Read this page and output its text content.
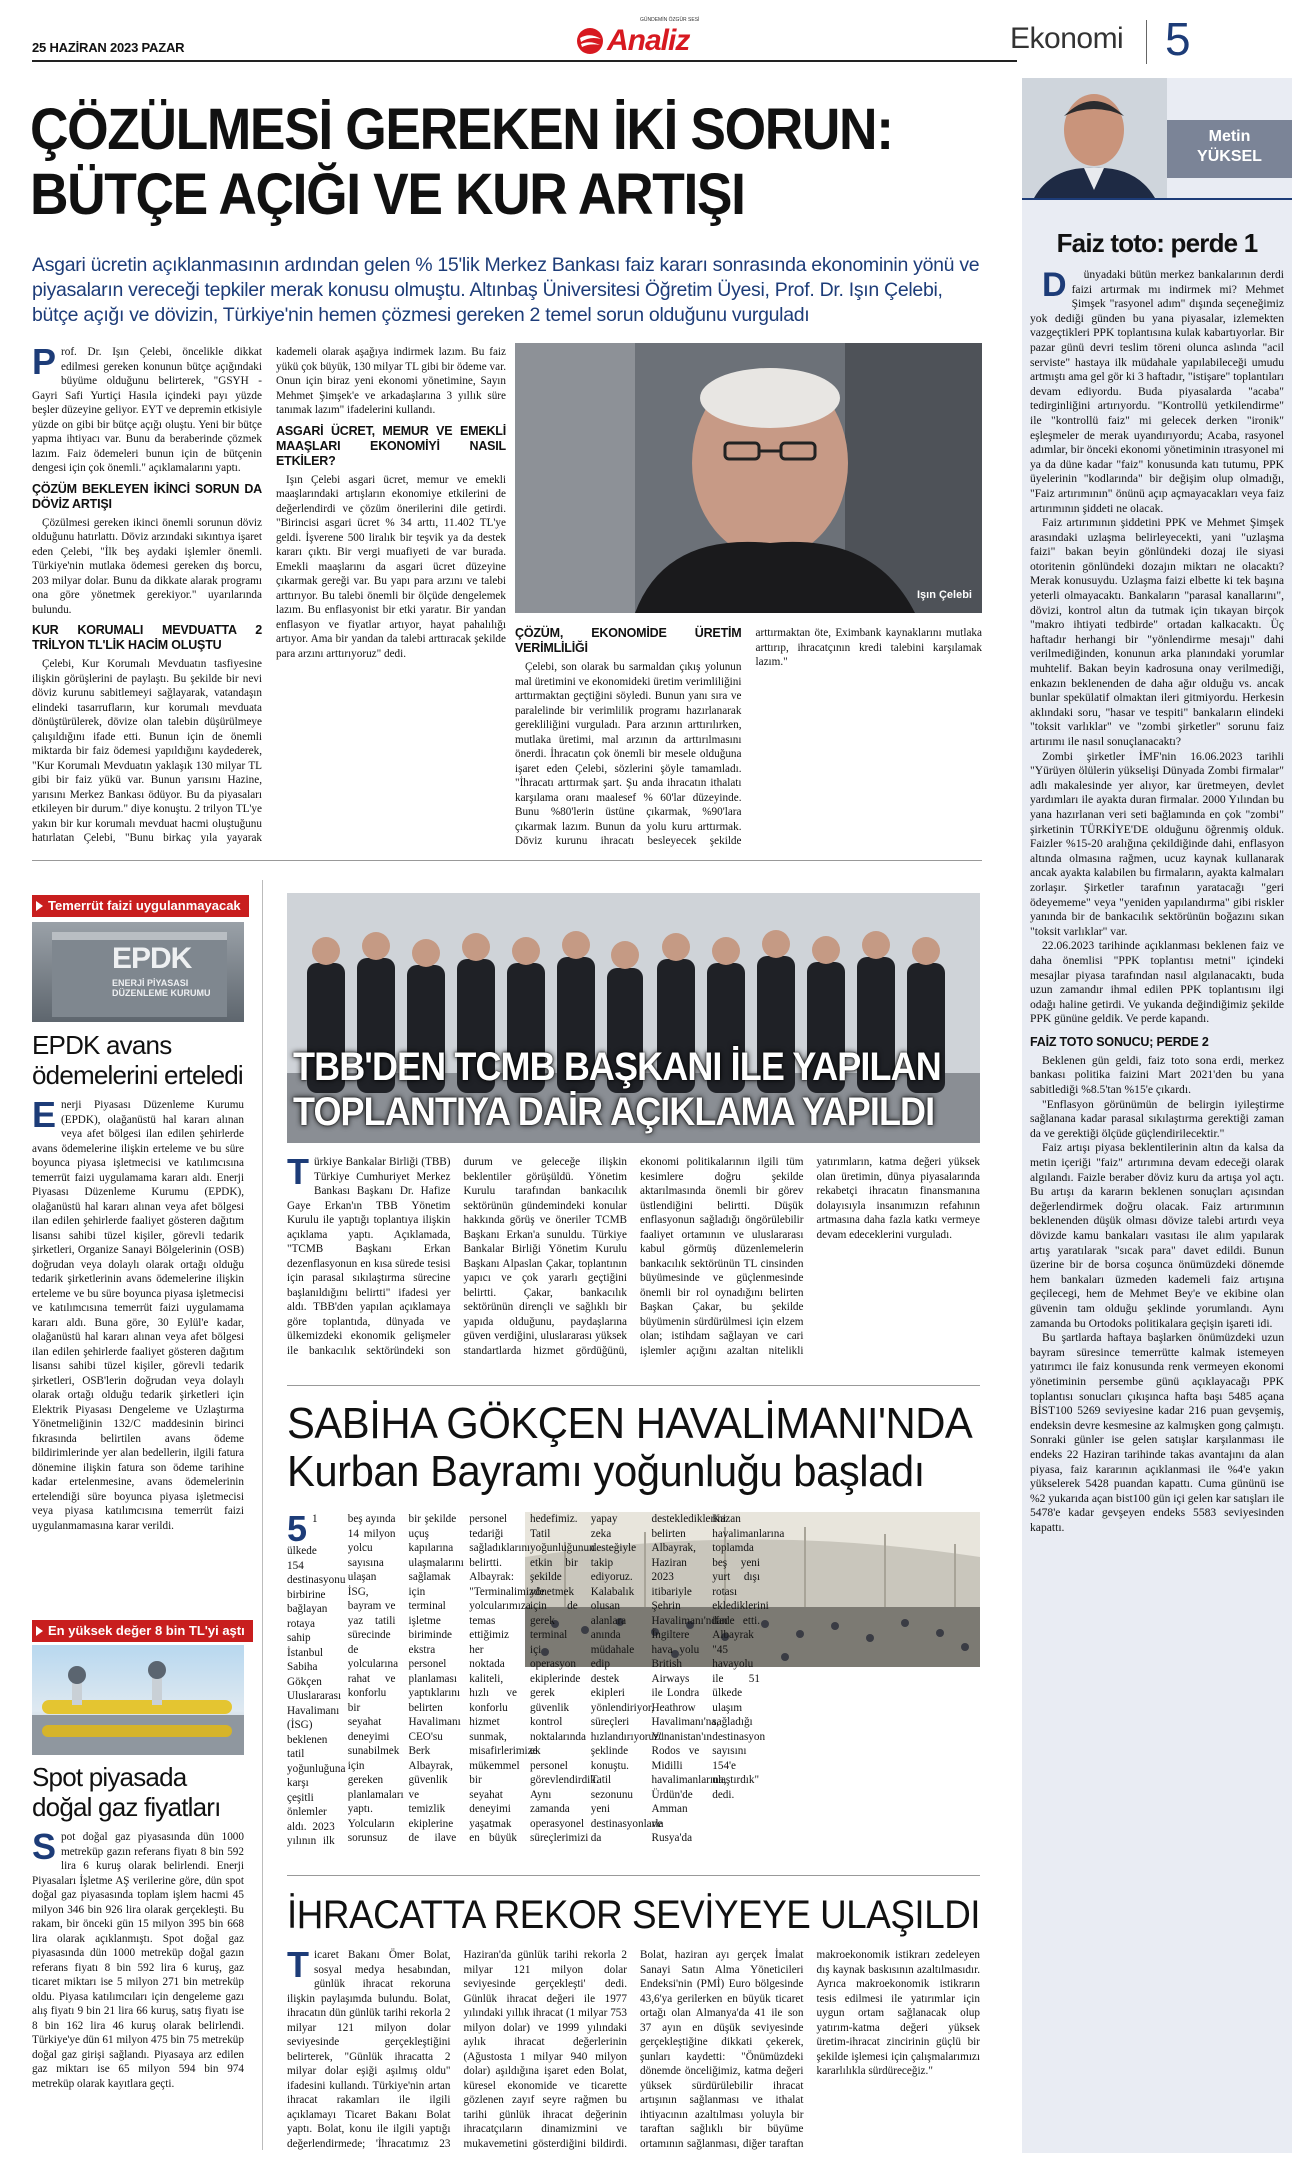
25 HAZİRAN 2023 PAZAR	Analiz
GÜNDEMİN ÖZGÜR SESİ
Ekonomi 5
ÇÖZÜLMESİ GEREKEN İKİ SORUN:
BÜTÇE AÇIĞI VE KUR ARTIŞI
Asgari ücretin açıklanmasının ardından gelen % 15'lik Merkez Bankası faiz kararı sonrasında ekonominin yönü ve piyasaların vereceği tepkiler merak konusu olmuştu. Altınbaş Üniversitesi Öğretim Üyesi, Prof. Dr. Işın Çelebi, bütçe açığı ve dövizin, Türkiye'nin hemen çözmesi gereken 2 temel sorun olduğunu vurguladı

Prof. Dr. Işın Çelebi, öncelikle dikkat edilmesi gereken konunun bütçe açığındaki büyüme olduğunu belirterek, "GSYH - Gayri Safi Yurtiçi Hasıla içindeki payı yüzde beşler düzeyine geliyor. EYT ve depremin etkisiyle yüzde on gibi bir bütçe açığı oluştu. Yeni bir bütçe yapma ihtiyacı var. Bunu da beraberinde çözmek lazım. Faiz ödemeleri bunun için de bütçenin dengesi için çok önemli." açıklamalarını yaptı.

ÇÖZÜM BEKLEYEN İKİNCİ SORUN DA DÖVİZ ARTIŞI

Çözülmesi gereken ikinci önemli sorunun döviz olduğunu hatırlattı. Döviz arzındaki sıkıntıya işaret eden Çelebi, "İlk beş aydaki işlemler önemli. Türkiye'nin mutlaka ödemesi gereken dış borcu, 203 milyar dolar. Bunu da dikkate alarak programı ona göre yönetmek gerekiyor." uyarılarında bulundu.

KUR KORUMALI MEVDUATTA 2 TRİLYON TL'LİK HACİM OLUŞTU

Çelebi, Kur Korumalı Mevduatın tasfiyesine ilişkin görüşlerini de paylaştı. Bu şekilde bir nevi döviz kurunu sabitlemeyi sağlayarak, vatandaşın elindeki tasarrufların, kur korumalı mevduata dönüştürülerek, dövize olan talebin düşürülmeye çalışıldığını ifade etti. Bunun için de önemli miktarda bir faiz ödemesi yapıldığını kaydederek, "Kur Korumalı Mevduatın yaklaşık 130 milyar TL gibi bir faiz yükü var. Bunun yarısını Hazine, yarısını Merkez Bankası ödüyor. Bu da piyasaları etkileyen bir durum." diye konuştu. 2 trilyon TL'ye yakın bir kur korumalı mevduat hacmi oluştuğunu hatırlatan Çelebi, "Bunu birkaç yıla yayarak kademeli olarak aşağıya indirmek lazım. Bu faiz yükü çok büyük, 130 milyar TL gibi bir ödeme var. Onun için biraz yeni ekonomi yönetiminе, Sayın Mehmet Şimşek'e ve arkadaşlarına 3 yıllık süre tanımak lazım" ifadelerini kullandı.

ASGARİ ÜCRET, MEMUR VE EMEKLİ MAAŞLARI EKONOMİYİ NASIL ETKİLER?

Işın Çelebi asgari ücret, memur ve emekli maaşlarındaki artışların ekonomiye etkilerini de değerlendirdi ve çözüm önerilerini dile getirdi. "Birincisi asgari ücret % 34 arttı, 11.402 TL'ye geldi. İşverene 500 liralık bir teşvik ya da destek kararı çıktı. Bir vergi muafiyeti de var burada. Emekli maaşlarını da asgari ücret düzeyine çıkarmak gereği var. Bu yapı para arzını ve talebi arttırıyor. Bu talebi önemli bir ölçüde dengelemek lazım. Bu enflasyonist bir etki yaratır. Bir yandan enflasyon ve fiyatlar artıyor, hayat pahalılığı artıyor. Ama bir yandan da talebi arttıracak şekilde para arzını arttırıyoruz" dedi.

Işın Çelebi
ÇÖZÜM, EKONOMİDE ÜRETİM VERİMLİLİĞİ

Çelebi, son olarak bu sarmaldan çıkış yolunun mal üretimini ve ekonomideki üretim verimliliğini arttırmaktan geçtiğini söyledi. Bunun yanı sıra ve paralelinde bir verimlilik programı hazırlanarak gerekliliğini vurguladı. Para arzının arttırılırken, mutlaka üretimi, mal arzının da arttırılmasını önerdi. İhracatın çok önemli bir mesele olduğuna işaret eden Çelebi, sözlerini şöyle tamamladı. "İhracatı arttırmak şart. Şu anda ihracatın ithalatı karşılama oranı maalesef % 60'lar düzeyinde. Bunu %80'lerin üstüne çıkarmak, %90'lara çıkarmak lazım. Bunun da yolu kuru arttırmak. Döviz kurunu ihracatı besleyecek şekilde arttırmaktan öte, Eximbank kaynaklarını mutlaka arttırıp, ihracatçının kredi talebini karşılamak lazım."

Temerrüt faizi uygulanmayacak
EPDK
ENERJİ PİYASASI DÜZENLEME KURUMU
EPDK avans ödemelerini erteledi

Enerji Piyasası Düzenleme Kurumu (EPDK), olağanüstü hal kararı alınan veya afet bölgesi ilan edilen şehirlerde avans ödemelerine ilişkin erteleme ve bu süre boyunca piyasa işletmecisi ve katılımcısına temerrüt faizi uygulamama kararı aldı. Enerji Piyasası Düzenleme Kurumu (EPDK), olağanüstü hal kararı alınan veya afet bölgesi ilan edilen şehirlerde faaliyet gösteren dağıtım lisansı sahibi tüzel kişiler, görevli tedarik şirketleri, Organize Sanayi Bölgelerinin (OSB) doğrudan veya dolaylı olarak ortağı olduğu tedarik şirketlerinin avans ödemelerine ilişkin erteleme ve bu süre boyunca piyasa işletmecisi ve katılımcısına temerrüt faizi uygulamama kararı aldı. Buna göre, 30 Eylül'e kadar, olağanüstü hal kararı alınan veya afet bölgesi ilan edilen şehirlerde faaliyet gösteren dağıtım lisansı sahibi tüzel kişiler, görevli tedarik şirketleri, OSB'lerin doğrudan veya dolaylı olarak ortağı olduğu tedarik şirketleri için Elektrik Piyasası Dengeleme ve Uzlaştırma Yönetmeliğinin 132/C maddesinin birinci fıkrasında belirtilen avans ödeme bildirimlerinde yer alan bedellerin, ilgili fatura dönemine ilişkin fatura son ödeme tarihine kadar ertelenmesine, avans ödemelerinin ertelendiği süre boyunca piyasa işletmecisi veya piyasa katılımcısına temerrüt faizi uygulanmamasına karar verildi.

En yüksek değer 8 bin TL'yi aştı
Spot piyasada doğal gaz fiyatları

Spot doğal gaz piyasasında dün 1000 metreküp gazın referans fiyatı 8 bin 592 lira 6 kuruş olarak belirlendi. Enerji Piyasaları İşletme AŞ verilerine göre, dün spot doğal gaz piyasasında toplam işlem hacmi 45 milyon 346 bin 926 lira olarak gerçekleşti. Bu rakam, bir önceki gün 15 milyon 395 bin 668 lira olarak açıklanmıştı. Spot doğal gaz piyasasında dün 1000 metreküp doğal gazın referans fiyatı 8 bin 592 lira 6 kuruş, gaz ticaret miktarı ise 5 milyon 271 bin metreküp oldu. Piyasa katılımcıları için dengeleme gazı alış fiyatı 9 bin 21 lira 66 kuruş, satış fiyatı ise 8 bin 162 lira 46 kuruş olarak belirlendi. Türkiye'ye dün 61 milyon 475 bin 75 metreküp doğal gaz girişi sağlandı. Piyasaya arz edilen gaz miktarı ise 65 milyon 594 bin 974 metreküp olarak kayıtlara geçti.

TBB'DEN TCMB BAŞKANI İLE YAPILAN
TOPLANTIYA DAİR AÇIKLAMA YAPILDI

Türkiye Bankalar Birliği (TBB) Türkiye Cumhuriyet Merkez Bankası Başkanı Dr. Hafize Gaye Erkan'ın TBB Yönetim Kurulu ile yaptığı toplantıya ilişkin açıklama yaptı. Açıklamada, "TCMB Başkanı Erkan dezenflasyonun en kısa sürede tesisi için parasal sıkılaştırma sürecine başlanıldığını belirtti" ifadesi yer aldı. TBB'den yapılan açıklamaya göre toplantıda, dünyada ve ülkemizdeki ekonomik gelişmeler ile bankacılık sektöründeki son durum ve geleceğe ilişkin beklentiler görüşüldü. Yönetim Kurulu tarafından bankacılık sektörünün gündemindeki konular hakkında görüş ve öneriler TCMB Başkanı Erkan'a sunuldu. Türkiye Bankalar Birliği Yönetim Kurulu Başkanı Alpaslan Çakar, toplantının yapıcı ve çok yararlı geçtiğini belirtti. Çakar, bankacılık sektörünün dirençli ve sağlıklı bir yapıda olduğunu, paydaşlarına güven verdiğini, uluslararası yüksek standartlarda hizmet gördüğünü, ekonomi politikalarının ilgili tüm kesimlere doğru şekilde aktarılmasında önemli bir görev üstlendiğini belirtti. Düşük enflasyonun sağladığı öngörülebilir faaliyet ortamının ve uluslararası kabul görmüş düzenlemelerin bankacılık sektörünün TL cinsinden büyümesinde ve güçlenmesinde önemli bir rol oynadığını belirten Başkan Çakar, bu şekilde büyümenin sürdürülmesi için elzem olan; istihdam sağlayan ve cari işlemler açığını azaltan nitelikli yatırımların, katma değeri yüksek olan üretimin, dünya piyasalarında rekabetçi ihracatın finansmanına dolayısıyla insanımızın refahının artmasına daha fazla katkı vermeye devam edeceklerini vurguladı.

SABİHA GÖKÇEN HAVALİMANI'NDA
Kurban Bayramı yoğunluğu başladı

5 1 ülkede 154 destinasyonu birbirine bağlayan rotaya sahip İstanbul Sabiha Gökçen Uluslararası Havalimanı (İSG) beklenen tatil yoğunluğuna karşı çeşitli önlemler aldı. 2023 yılının ilk beş ayında 14 milyon yolcu sayısına ulaşan İSG, bayram ve yaz tatili sürecinde de yolcularına rahat ve konforlu bir seyahat deneyimi sunabilmek için gereken planlamaları yaptı. Yolcuların sorunsuz bir şekilde uçuş kapılarına ulaşmalarını sağlamak için terminal işletme biriminde ekstra personel planlaması yaptıklarını belirten Havalimanı CEO'su Berk Albayrak, güvenlik ve temizlik ekiplerine de ilave personel tedariği sağladıklarını belirtti. Albayrak: "Terminalimizde yolcularımıza temas ettiğimiz her noktada kaliteli, hızlı ve konforlu hizmet sunmak, misafirlerimize mükemmel bir seyahat deneyimi yaşatmak en büyük hedefimiz. Tatil yoğunluğunun etkin bir şekilde yönetmek için de gerek terminal içi operasyon ekiplerinde gerek güvenlik kontrol noktalarında ek personel görevlendirdik. Aynı zamanda operasyonel süreçlerimizi yapay zeka desteğiyle takip ediyoruz. Kalabalık olusan alanlara anında müdahale edip destek ekipleri yönlendiriyor, süreçleri hızlandırıyoruz" şeklinde konuştu. Tatil sezonunu yeni destinasyonlarla da desteklediklerini belirten Albayrak, Haziran 2023 itibariyle Şehrin Havalimanı'ndan İngiltere hava yolu British Airways ile Londra Heathrow Havalimanı'na, Yunanistan'ın Rodos ve Midilli havalimanlarına, Ürdün'de Amman ve Rusya'da Kazan havalimanlarına toplamda beş yeni yurt dışı rotası eklediklerini ifade etti. Albayrak "45 havayolu ile 51 ülkede ulaşım sağladığı destinasyon sayısını 154'e ulaştırdık" dedi.

İHRACATTA REKOR SEVİYEYE ULAŞILDI

Ticaret Bakanı Ömer Bolat, sosyal medya hesabından, günlük ihracat rekoruna ilişkin paylaşımda bulundu. Bolat, ihracatın dün günlük tarihi rekorla 2 milyar 121 milyon dolar seviyesinde gerçekleştiğini belirterek, "Günlük ihracatta 2 milyar dolar eşiği aşılmış oldu" ifadesini kullandı. Türkiye'nin artan ihracat rakamları ile ilgili açıklamayı Ticaret Bakanı Bolat yaptı. Bolat, konu ile ilgili yaptığı değerlendirmede; 'İhracatımız 23 Haziran'da günlük tarihi rekorla 2 milyar 121 milyon dolar seviyesinde gerçekleşti' dedi. Günlük ihracat değeri ile 1977 yılındaki yıllık ihracat (1 milyar 753 milyon dolar) ve 1999 yılındaki aylık ihracat değerlerinin (Ağustosta 1 milyar 940 milyon dolar) aşıldığına işaret eden Bolat, küresel ekonomide ve ticarette gözlenen zayıf seyre rağmen bu tarihi günlük ihracat değerinin ihracatçıların dinamizmini ve mukavemetini gösterdiğini bildirdi. Bolat, haziran ayı gerçek İmalat Sanayi Satın Alma Yöneticileri Endeksi'nin (PMİ) Euro bölgesinde 43,6'ya gerilerken en büyük ticaret ortağı olan Almanya'da 41 ile son 37 ayın en düşük seviyesinde gerçekleştiğine dikkati çekerek, şunları kaydetti: "Önümüzdeki dönemde önceliğimiz, katma değeri yüksek sürdürülebilir ihracat artışının sağlanması ve ithalat ihtiyacının azaltılması yoluyla bir taraftan sağlıklı bir büyüme ortamının sağlanması, diğer taraftan makroekonomik istikrarı zedeleyen dış kaynak baskısının azaltılmasıdır. Ayrıca makroekonomik istikrarın tesis edilmesi ile yatırımlar için uygun ortam sağlanacak olup yatırım-katma değeri yüksek üretim-ihracat zincirinin güçlü bir şekilde işlemesi için çalışmalarımızı kararlılıkla sürdüreceğiz."

Metin
YÜKSEL
Faiz toto: perde 1

D ünyadaki bütün merkez bankalarının derdi faizi artırmak mı indirmek mi? Mehmet Şimşek "rasyonel adım" dışında seçeneğimiz yok dediği günden bu yana piyasalar, izlemekten vazgeçtikleri PPK toplantısına kulak kabartıyorlar. Bir pazar günü devri teslim töreni olunca aslında "acil serviste" hastaya ilk müdahale yapılabileceği umudu artmıştı ama gel gör ki 3 haftadır, "istişare" toplantıları devam ediyordu. Buda piyasalarda "acaba" tedirginliğini artırıyordu. "Kontrollü yetkilendirme" ile "kontrollü faiz" mi gelecek derken "ironik" eşleşmeler de merak uyandırıyordu; Acaba, rasyonel adımlar, bir önceki ekonomi yönetiminin ıtrasyonel mi ya da düne kadar "faiz" konusunda katı tutumu, PPK üyelerinin "kodlarında" bir değişim olup olmadığı, "Faiz artırımının" önünü açıp açmayacakları veya faiz artırımının şiddeti ne olacak.

Faiz artırımının şiddetini PPK ve Mehmet Şimşek arasındaki uzlaşma belirleyecekti, yani "uzlaşma faizi" bakan beyin gönlündeki dozaj ile siyasi otoritenin gönlündeki dozajın miktarı ne olacaktı? Merak konusuydu. Uzlaşma faizi elbette ki tek başına yeterli olmayacaktı. Bankaların "parasal kanallarını", dövizi, kontrol altın da tutmak için tıkayan birçok "makro ihtiyati tedbirde" ortadan kalkacaktı. Üç haftadır herhangi bir "yönlendirme mesajı" dahi verilmediğinden, konunun arka planındaki yorumlar muhtelif. Bakan beyin kadrosuna onay verilmediği, enkazın beklenenden de daha ağır olduğu vs. ancak bunlar spekülatif olmaktan ileri gitmiyordu. Herkesin aklındaki soru, "hasar ve tespiti" bankaların elindeki "toksit varlıklar" ve "zombi şirketler" sorunu faiz artırımı ile nasıl sonuçlanacaktı?

Zombi şirketler İMF'nin 16.06.2023 tarihli "Yürüyen ölülerin yükselişi Dünyada Zombi firmalar" adlı makalesinde yer alıyor, kar üretmeyen, devlet yardımları ile ayakta duran firmalar. 2000 Yılından bu yana hazırlanan veri seti bağlamında en çok "zombi" şirketinin TÜRKİYE'DE olduğunu öğrenmiş olduk. Faizler %15-20 aralığına çekildiğinde dahi, enflasyon altında olmasına rağmen, ucuz kaynak kullanarak ancak ayakta kalabilen bu firmaların, ayakta kalmaları zorlaşır. Şirketler tarafının yaratacağı "geri ödeyememe" veya "yeniden yapılandırma" gibi riskler yanında bir de bankacılık sektörünün boğazını sıkan "toksit varlıklar" var.

22.06.2023 tarihinde açıklanması beklenen faiz ve daha önemlisi "PPK toplantısı metni" içindeki mesajlar piyasa tarafından nasıl algılanacaktı, buda uzun zamandır ihmal edilen PPK toplantısını ilgi odağı haline getirdi. Ve yukanda değindiğimiz şekilde PPK gününe geldik. Ve perde kapandı.

FAİZ TOTO SONUCU; PERDE 2

Beklenen gün geldi, faiz toto sona erdi, merkez bankası politika faizini Mart 2021'den bu yana sabitlediği %8.5'tan %15'e çıkardı.

"Enflasyon görünümün de belirgin iyileştirme sağlanana kadar parasal sıkılaştırma gerektiği zaman da ve gerektiği ölçüde güçlendirilecektir."

Faiz artışı piyasa beklentilerinin altın da kalsa da metin içeriği "faiz" artırımına devam edeceği olarak algılandı. Faizle berabеr döviz kuru da artışa yol açtı. Bu artışı da kararın beklenen sonuçları açısından değerlendirmek doğru olacak. Faiz artırımının beklenenden düşük olması dövize talebi artırdı veya dövizde kamu bankaları vasıtası ile alım yapılarak artış yaratılarak "sıcak para" davet edildi. Bunun üzerine bir de borsa coşunca önümüzdeki dönemde hem bankaları üzmeden kademeli faiz artışına geçilecegi, hem de Mehmet Bey'e ve ekibine olan güvenin tam olduğu şeklinde yorumlandı. Aynı zamanda bu Ortodoks politikalara geçişin işareti idi.

Bu şartlarda haftaya başlarken önümüzdeki uzun bayram süresince temerrütte kalmak istemeyen yatırımcı ile faiz konusunda renk vermeyen ekonomi yönetiminin persembe günü açıklayacağı PPK toplantısı sonucları çıkışınca hafta başı 5485 açana BİST100 5269 seviyesine kadar 216 puan gevşemiş, endeksin devre kesmesine az kalmışken gong çalmıştı. Sonraki günler ise gelen satışlar karşılanması ile endeks 22 Haziran tarihinde takas avantajını da alan piyasa, faiz kararının açıklanmasi ile %4'e yakın yükselerek 5428 puandan kapattı. Cuma gününü ise %2 yukarıda açan bist100 gün içi gelen kar satışları ile 5478'e kadar gevşeyen endeks 5583 seviyesinden kapattı.
